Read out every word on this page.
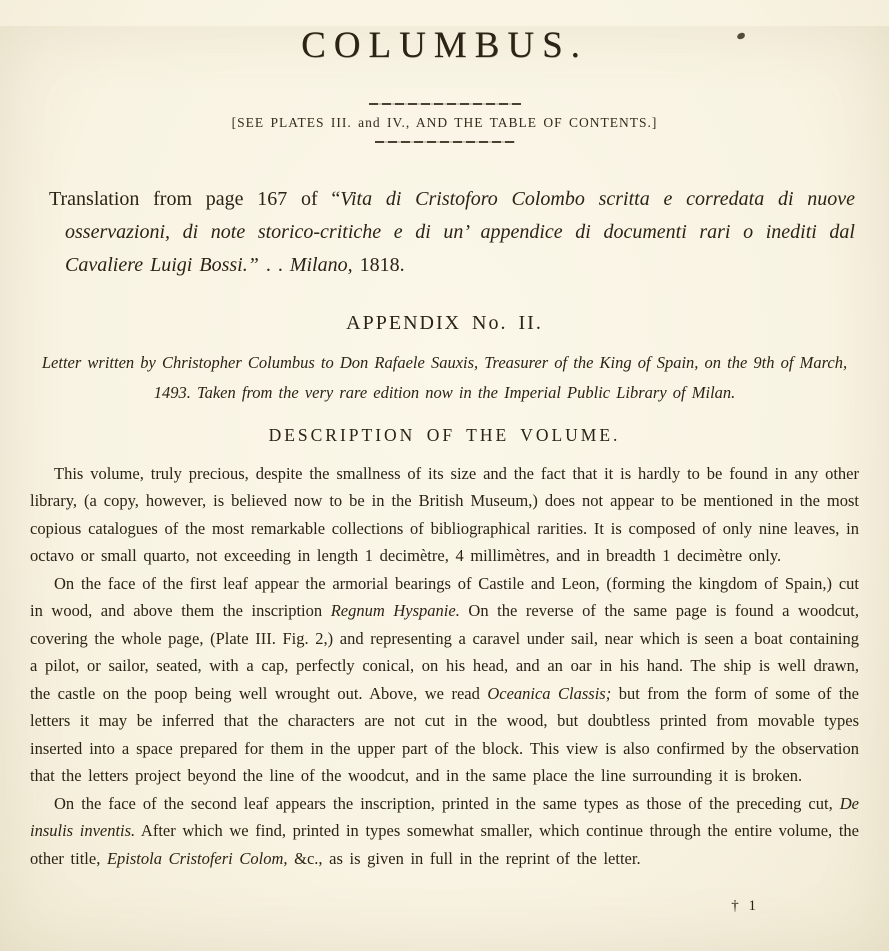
COLUMBUS.
[SEE PLATES III. and IV., AND THE TABLE OF CONTENTS.]
Translation from page 167 of “Vita di Cristoforo Colombo scritta e corredata di nuove osservazioni, di note storico-critiche e di un’ appendice di documenti rari o inediti dal Cavaliere Luigi Bossi.” . . Milano, 1818.
APPENDIX No. II.
Letter written by Christopher Columbus to Don Rafaele Sauxis, Treasurer of the King of Spain, on the 9th of March, 1493. Taken from the very rare edition now in the Imperial Public Library of Milan.
DESCRIPTION OF THE VOLUME.

This volume, truly precious, despite the smallness of its size and the fact that it is hardly to be found in any other library, (a copy, however, is believed now to be in the British Museum,) does not appear to be mentioned in the most copious catalogues of the most remarkable collections of bibliographical rarities. It is composed of only nine leaves, in octavo or small quarto, not exceeding in length 1 decimètre, 4 millimètres, and in breadth 1 decimètre only.

On the face of the first leaf appear the armorial bearings of Castile and Leon, (forming the kingdom of Spain,) cut in wood, and above them the inscription Regnum Hyspanie. On the reverse of the same page is found a woodcut, covering the whole page, (Plate III. Fig. 2,) and representing a caravel under sail, near which is seen a boat containing a pilot, or sailor, seated, with a cap, perfectly conical, on his head, and an oar in his hand. The ship is well drawn, the castle on the poop being well wrought out. Above, we read Oceanica Classis; but from the form of some of the letters it may be inferred that the characters are not cut in the wood, but doubtless printed from movable types inserted into a space prepared for them in the upper part of the block. This view is also confirmed by the observation that the letters project beyond the line of the woodcut, and in the same place the line surrounding it is broken.

On the face of the second leaf appears the inscription, printed in the same types as those of the preceding cut, De insulis inventis. After which we find, printed in types somewhat smaller, which continue through the entire volume, the other title, Epistola Cristoferi Colom, &c., as is given in full in the reprint of the letter.

† 1
